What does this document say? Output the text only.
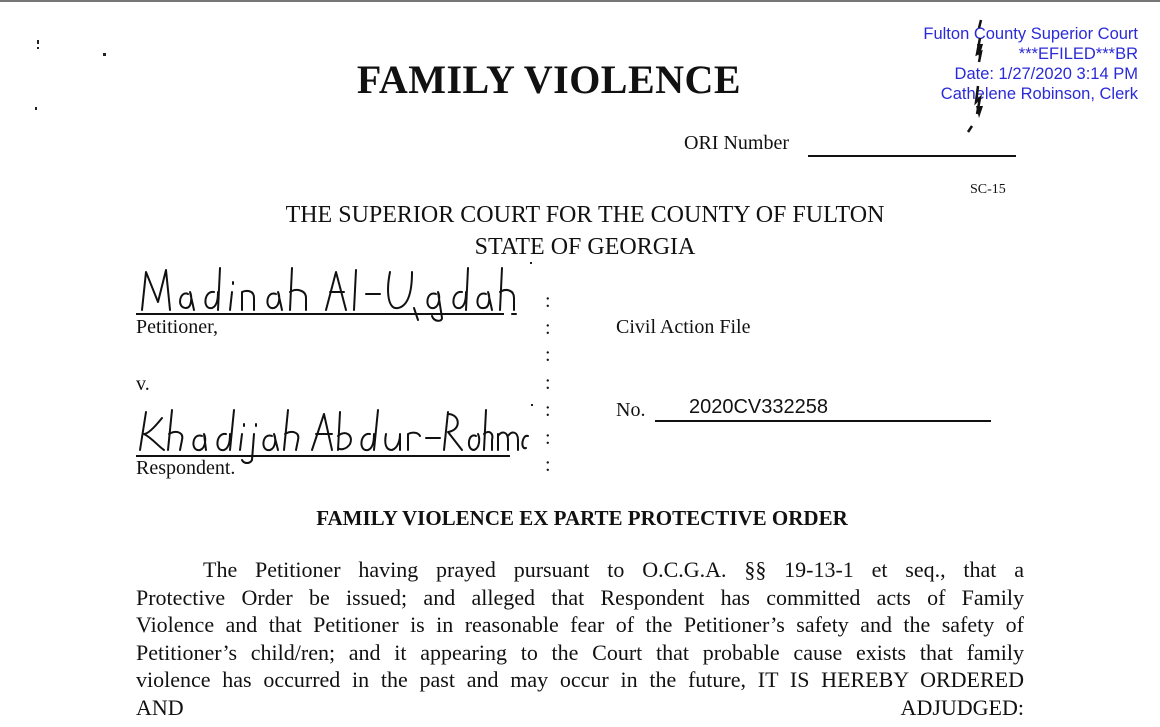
FAMILY VIOLENCE
Fulton County Superior Court
***EFILED***BR
Date: 1/27/2020 3:14 PM
Cathelene Robinson, Clerk
ORI Number
SC-15
THE SUPERIOR COURT FOR THE COUNTY OF FULTON
STATE OF GEORGIA
Petitioner,
v.
Respondent.
:
:
:
:
:
:
:
Civil Action File
No. 2020CV332258
FAMILY VIOLENCE EX PARTE PROTECTIVE ORDER
The Petitioner having prayed pursuant to O.C.G.A. §§ 19-13-1 et seq., that a
Protective Order be issued; and alleged that Respondent has committed acts of Family
Violence and that Petitioner is in reasonable fear of the Petitioner’s safety and the safety of
Petitioner’s child/ren; and it appearing to the Court that probable cause exists that family
violence has occurred in the past and may occur in the future, IT IS HEREBY ORDERED
AND ADJUDGED:
